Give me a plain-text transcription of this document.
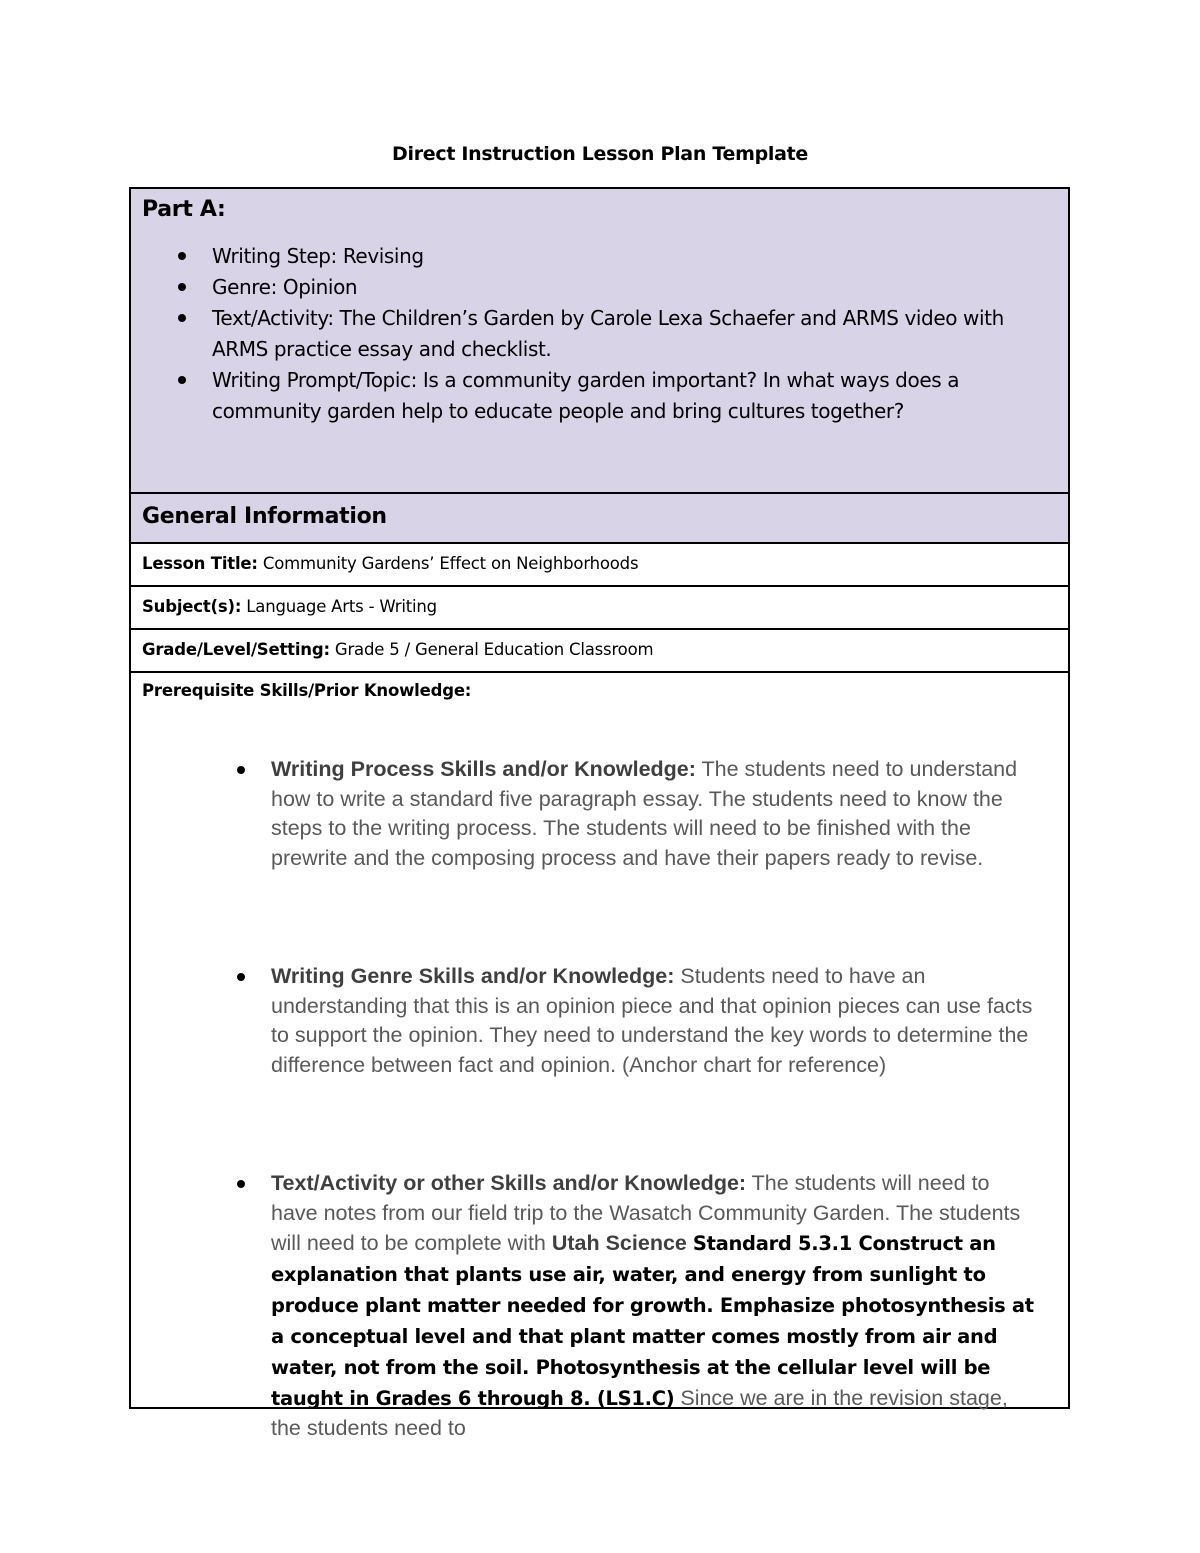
Direct Instruction Lesson Plan Template
Part A:
Writing Step: Revising
Genre: Opinion
Text/Activity: The Children’s Garden by Carole Lexa Schaefer and ARMS video with ARMS practice essay and checklist.
Writing Prompt/Topic: Is a community garden important? In what ways does a community garden help to educate people and bring cultures together?
General Information
Lesson Title: Community Gardens’ Effect on Neighborhoods
Subject(s): Language Arts - Writing
Grade/Level/Setting: Grade 5 / General Education Classroom
Prerequisite Skills/Prior Knowledge:
Writing Process Skills and/or Knowledge: The students need to understand how to write a standard five paragraph essay. The students need to know the steps to the writing process. The students will need to be finished with the prewrite and the composing process and have their papers ready to revise.
Writing Genre Skills and/or Knowledge: Students need to have an understanding that this is an opinion piece and that opinion pieces can use facts to support the opinion. They need to understand the key words to determine the difference between fact and opinion. (Anchor chart for reference)
Text/Activity or other Skills and/or Knowledge: The students will need to have notes from our field trip to the Wasatch Community Garden. The students will need to be complete with Utah Science Standard 5.3.1 Construct an explanation that plants use air, water, and energy from sunlight to produce plant matter needed for growth. Emphasize photosynthesis at a conceptual level and that plant matter comes mostly from air and water, not from the soil. Photosynthesis at the cellular level will be taught in Grades 6 through 8. (LS1.C) Since we are in the revision stage, the students need to
